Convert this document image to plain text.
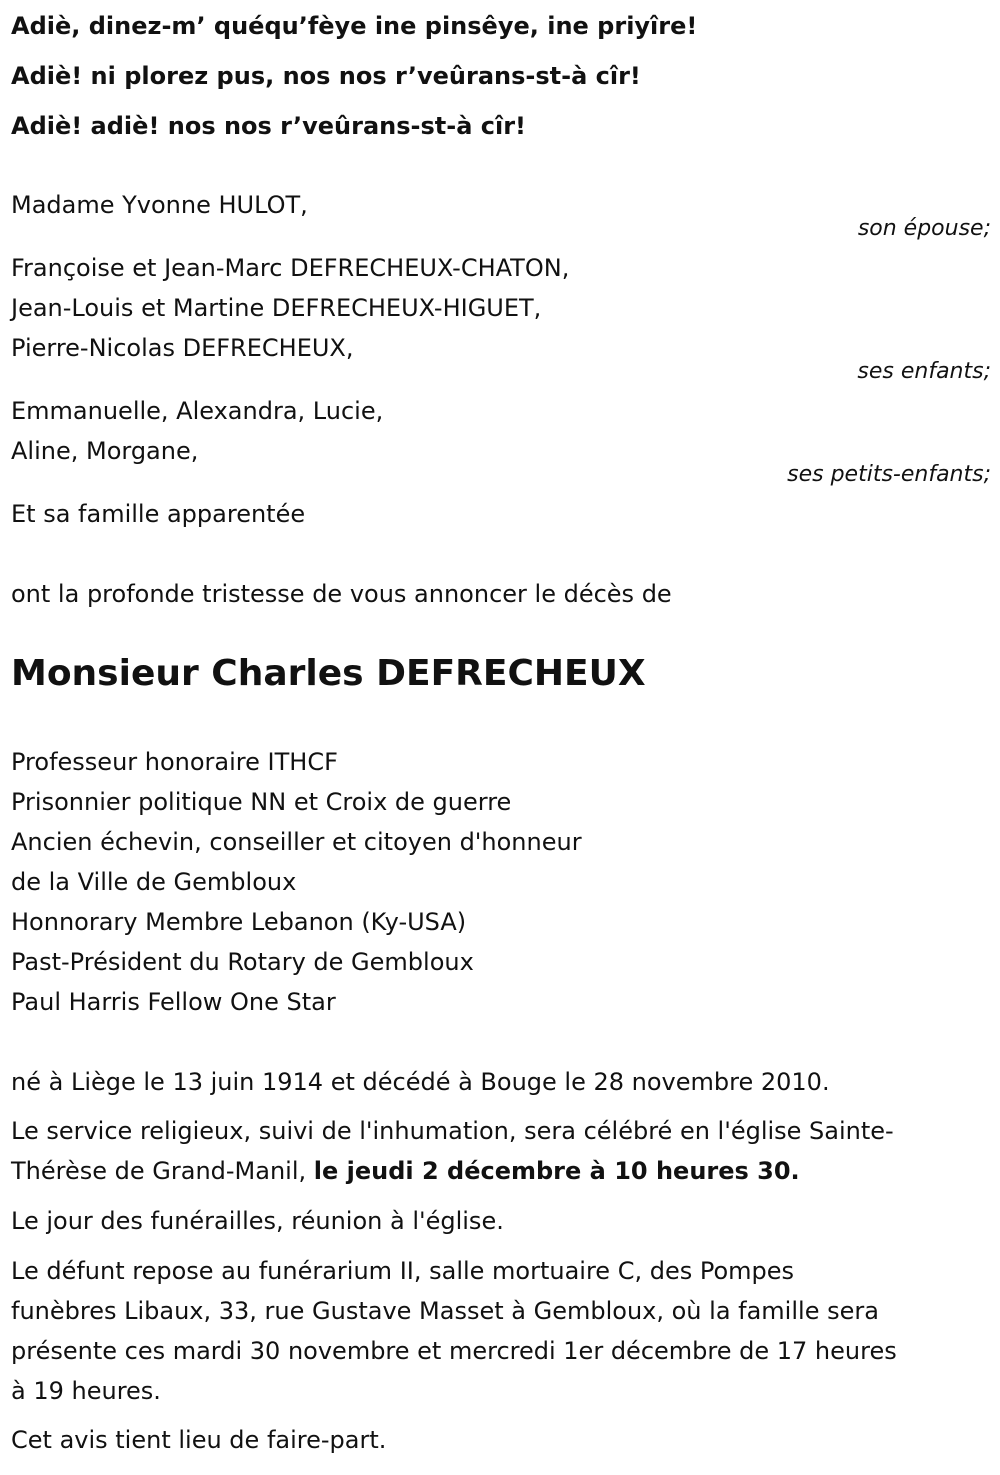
Adiè, dinez-m’ quéqu’fèye ine pinsêye, ine priyîre!
Adiè! ni plorez pus, nos nos r’veûrans-st-à cîr!
Adiè! adiè! nos nos r’veûrans-st-à cîr!
Madame Yvonne HULOT,
son épouse;
Françoise et Jean-Marc DEFRECHEUX-CHATON,
Jean-Louis et Martine DEFRECHEUX-HIGUET,
Pierre-Nicolas DEFRECHEUX,
ses enfants;
Emmanuelle, Alexandra, Lucie,
Aline, Morgane,
ses petits-enfants;
Et sa famille apparentée
ont la profonde tristesse de vous annoncer le décès de
Monsieur Charles DEFRECHEUX
Professeur honoraire ITHCF
Prisonnier politique NN et Croix de guerre
Ancien échevin, conseiller et citoyen d'honneur
de la Ville de Gembloux
Honnorary Membre Lebanon (Ky-USA)
Past-Président du Rotary de Gembloux
Paul Harris Fellow One Star
né à Liège le 13 juin 1914 et décédé à Bouge le 28 novembre 2010.
Le service religieux, suivi de l'inhumation, sera célébré en l'église Sainte-
Thérèse de Grand-Manil, le jeudi 2 décembre à 10 heures 30.
Le jour des funérailles, réunion à l'église.
Le défunt repose au funérarium II, salle mortuaire C, des Pompes
funèbres Libaux, 33, rue Gustave Masset à Gembloux, où la famille sera
présente ces mardi 30 novembre et mercredi 1er décembre de 17 heures
à 19 heures.
Cet avis tient lieu de faire-part.
